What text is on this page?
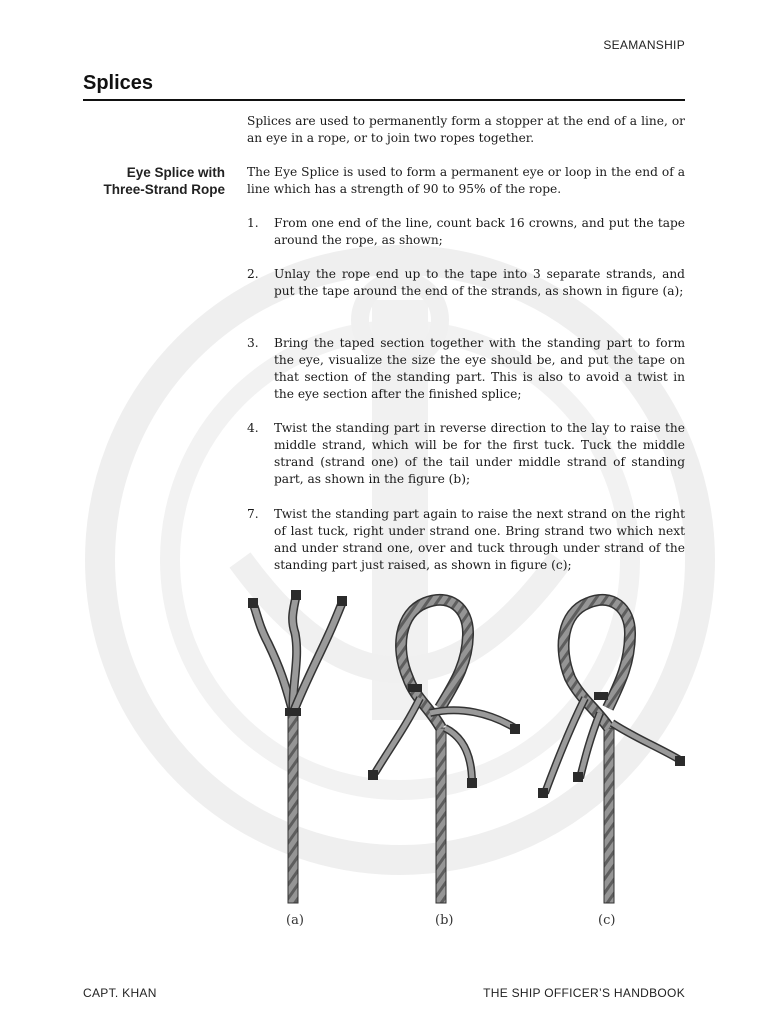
SEAMANSHIP
Splices
Splices are used to permanently form a stopper at the end of a line, or an eye in a rope, or to join two ropes together.
Eye Splice with
Three-Strand Rope
The Eye Splice is used to form a permanent eye or loop in the end of a line which has a strength of 90 to 95% of the rope.
1. From one end of the line, count back 16 crowns, and put the tape around the rope, as shown;
2. Unlay the rope end up to the tape into 3 separate strands, and put the tape around the end of the strands, as shown in figure (a);
3. Bring the taped section together with the standing part to form the eye, visualize the size the eye should be, and put the tape on that section of the standing part. This is also to avoid a twist in the eye section after the finished splice;
4. Twist the standing part in reverse direction to the lay to raise the middle strand, which will be for the first tuck. Tuck the middle strand (strand one) of the tail under middle strand of standing part, as shown in the figure (b);
7. Twist the standing part again to raise the next strand on the right of last tuck, right under strand one. Bring strand two which next and under strand one, over and tuck through under strand of the standing part just raised, as shown in figure (c);
(a)	(b)	(c)
CAPT. KHAN	THE SHIP OFFICER’S HANDBOOK
